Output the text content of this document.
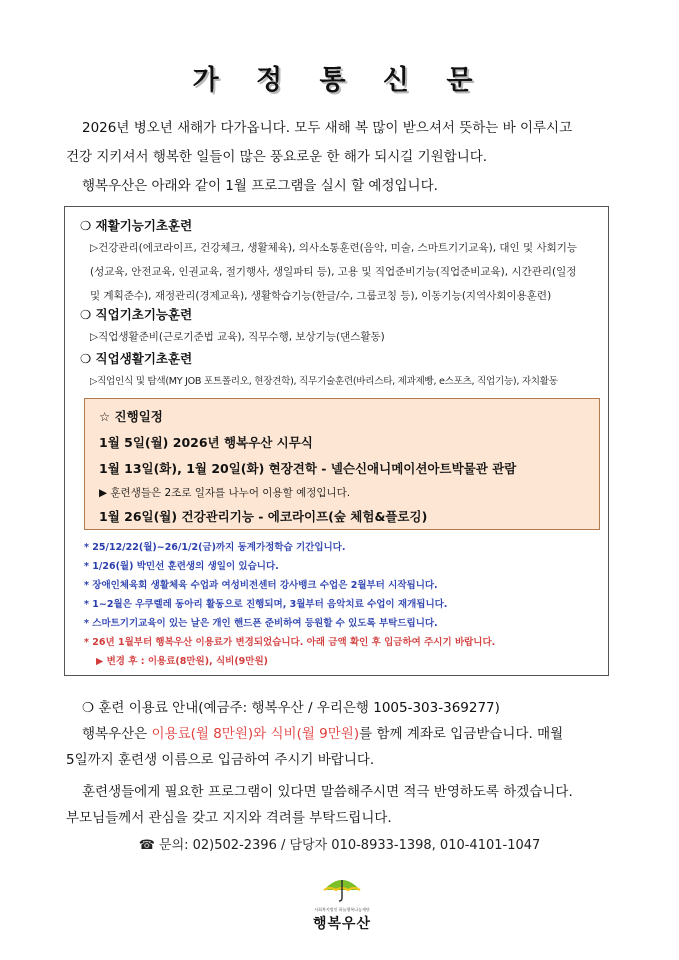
가 정 통 신 문

2026년 병오년 새해가 다가옵니다. 모두 새해 복 많이 받으셔서 뜻하는 바 이루시고

건강 지키셔서 행복한 일들이 많은 풍요로운 한 해가 되시길 기원합니다.

행복우산은 아래와 같이 1월 프로그램을 실시 할 예정입니다.

❍ 재활기능기초훈련
▷건강관리(에코라이프, 건강체크, 생활체육), 의사소통훈련(음악, 미술, 스마트기기교육), 대인 및 사회기능
(성교육, 안전교육, 인권교육, 절기행사, 생일파티 등), 고용 및 직업준비기능(직업준비교육), 시간관리(일정
및 계획준수), 재정관리(경제교육), 생활학습기능(한글/수, 그룹코칭 등), 이동기능(지역사회이용훈련)
❍ 직업기초기능훈련
▷직업생활준비(근로기준법 교육), 직무수행, 보상기능(댄스활동)
❍ 직업생활기초훈련
▷직업인식 및 탐색(MY JOB 포트폴리오, 현장견학), 직무기술훈련(바리스타, 제과제빵, e스포츠, 직업기능), 자치활동
☆ 진행일정
1월 5일(월) 2026년 행복우산 시무식
1월 13일(화), 1월 20일(화) 현장견학 - 넬슨신애니메이션아트박물관 관람
▶ 훈련생들은 2조로 일자를 나누어 이용할 예정입니다.
1월 26일(월) 건강관리기능 - 에코라이프(숲 체험&플로깅)
* 25/12/22(월)~26/1/2(금)까지 동계가정학습 기간입니다.
* 1/26(월) 박민선 훈련생의 생일이 있습니다.
* 장애인체육회 생활체육 수업과 여성비전센터 강사뱅크 수업은 2월부터 시작됩니다.
* 1~2월은 우쿠렐레 동아리 활동으로 진행되며, 3월부터 음악치료 수업이 재개됩니다.
* 스마트기기교육이 있는 날은 개인 핸드폰 준비하여 등원할 수 있도록 부탁드립니다.
* 26년 1월부터 행복우산 이용료가 변경되었습니다. 아래 금액 확인 후 입금하여 주시기 바랍니다.
▶ 변경 후 : 이용료(8만원), 식비(9만원)

❍ 훈련 이용료 안내(예금주: 행복우산 / 우리은행 1005-303-369277)

행복우산은 이용료(월 8만원)와 식비(월 9만원)를 함께 계좌로 입금받습니다. 매월

5일까지 훈련생 이름으로 입금하여 주시기 바랍니다.

훈련생들에게 필요한 프로그램이 있다면 말씀해주시면 적극 반영하도록 하겠습니다.

부모님들께서 관심을 갖고 지지와 격려를 부탁드립니다.

☎ 문의: 02)502-2396 / 담당자 010-8933-1398, 010-4101-1047
사회복지법인 하늘행복나눔재단
행복우산
